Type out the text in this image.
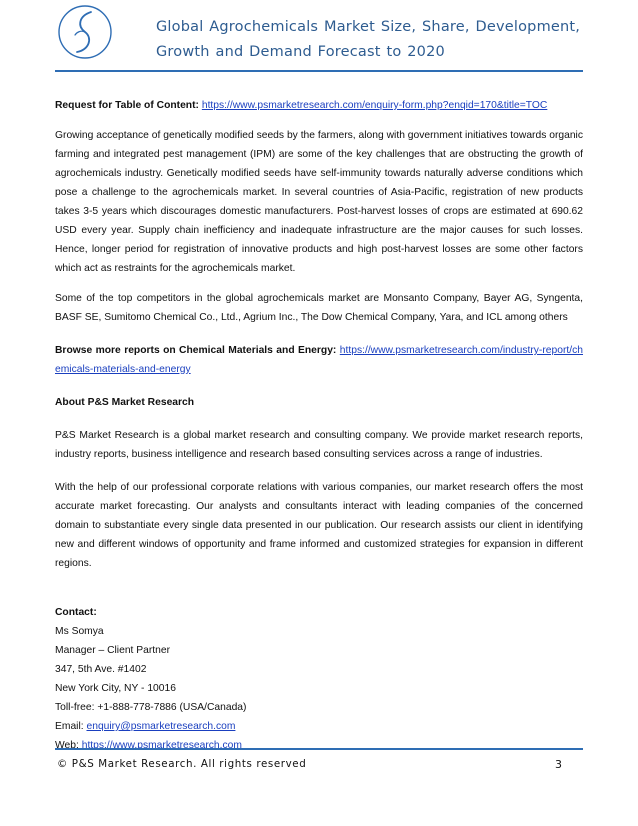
Global Agrochemicals Market Size, Share, Development, Growth and Demand Forecast to 2020

Request for Table of Content: https://www.psmarketresearch.com/enquiry-form.php?enqid=170&title=TOC

Growing acceptance of genetically modified seeds by the farmers, along with government initiatives towards organic farming and integrated pest management (IPM) are some of the key challenges that are obstructing the growth of agrochemicals industry. Genetically modified seeds have self-immunity towards naturally adverse conditions which pose a challenge to the agrochemicals market. In several countries of Asia-Pacific, registration of new products takes 3-5 years which discourages domestic manufacturers. Post-harvest losses of crops are estimated at 690.62 USD every year. Supply chain inefficiency and inadequate infrastructure are the major causes for such losses. Hence, longer period for registration of innovative products and high post-harvest losses are some other factors which act as restraints for the agrochemicals market.

Some of the top competitors in the global agrochemicals market are Monsanto Company, Bayer AG, Syngenta, BASF SE, Sumitomo Chemical Co., Ltd., Agrium Inc., The Dow Chemical Company, Yara, and ICL among others

Browse more reports on Chemical Materials and Energy: https://www.psmarketresearch.com/industry-report/chemicals-materials-and-energy

About P&S Market Research

P&S Market Research is a global market research and consulting company. We provide market research reports, industry reports, business intelligence and research based consulting services across a range of industries.

With the help of our professional corporate relations with various companies, our market research offers the most accurate market forecasting. Our analysts and consultants interact with leading companies of the concerned domain to substantiate every single data presented in our publication. Our research assists our client in identifying new and different windows of opportunity and frame informed and customized strategies for expansion in different regions.

Contact:
Ms Somya
Manager – Client Partner
347, 5th Ave. #1402
New York City, NY - 10016
Toll-free: +1-888-778-7886 (USA/Canada)
Email: enquiry@psmarketresearch.com
Web: https://www.psmarketresearch.com
© P&S Market Research. All rights reserved	3
